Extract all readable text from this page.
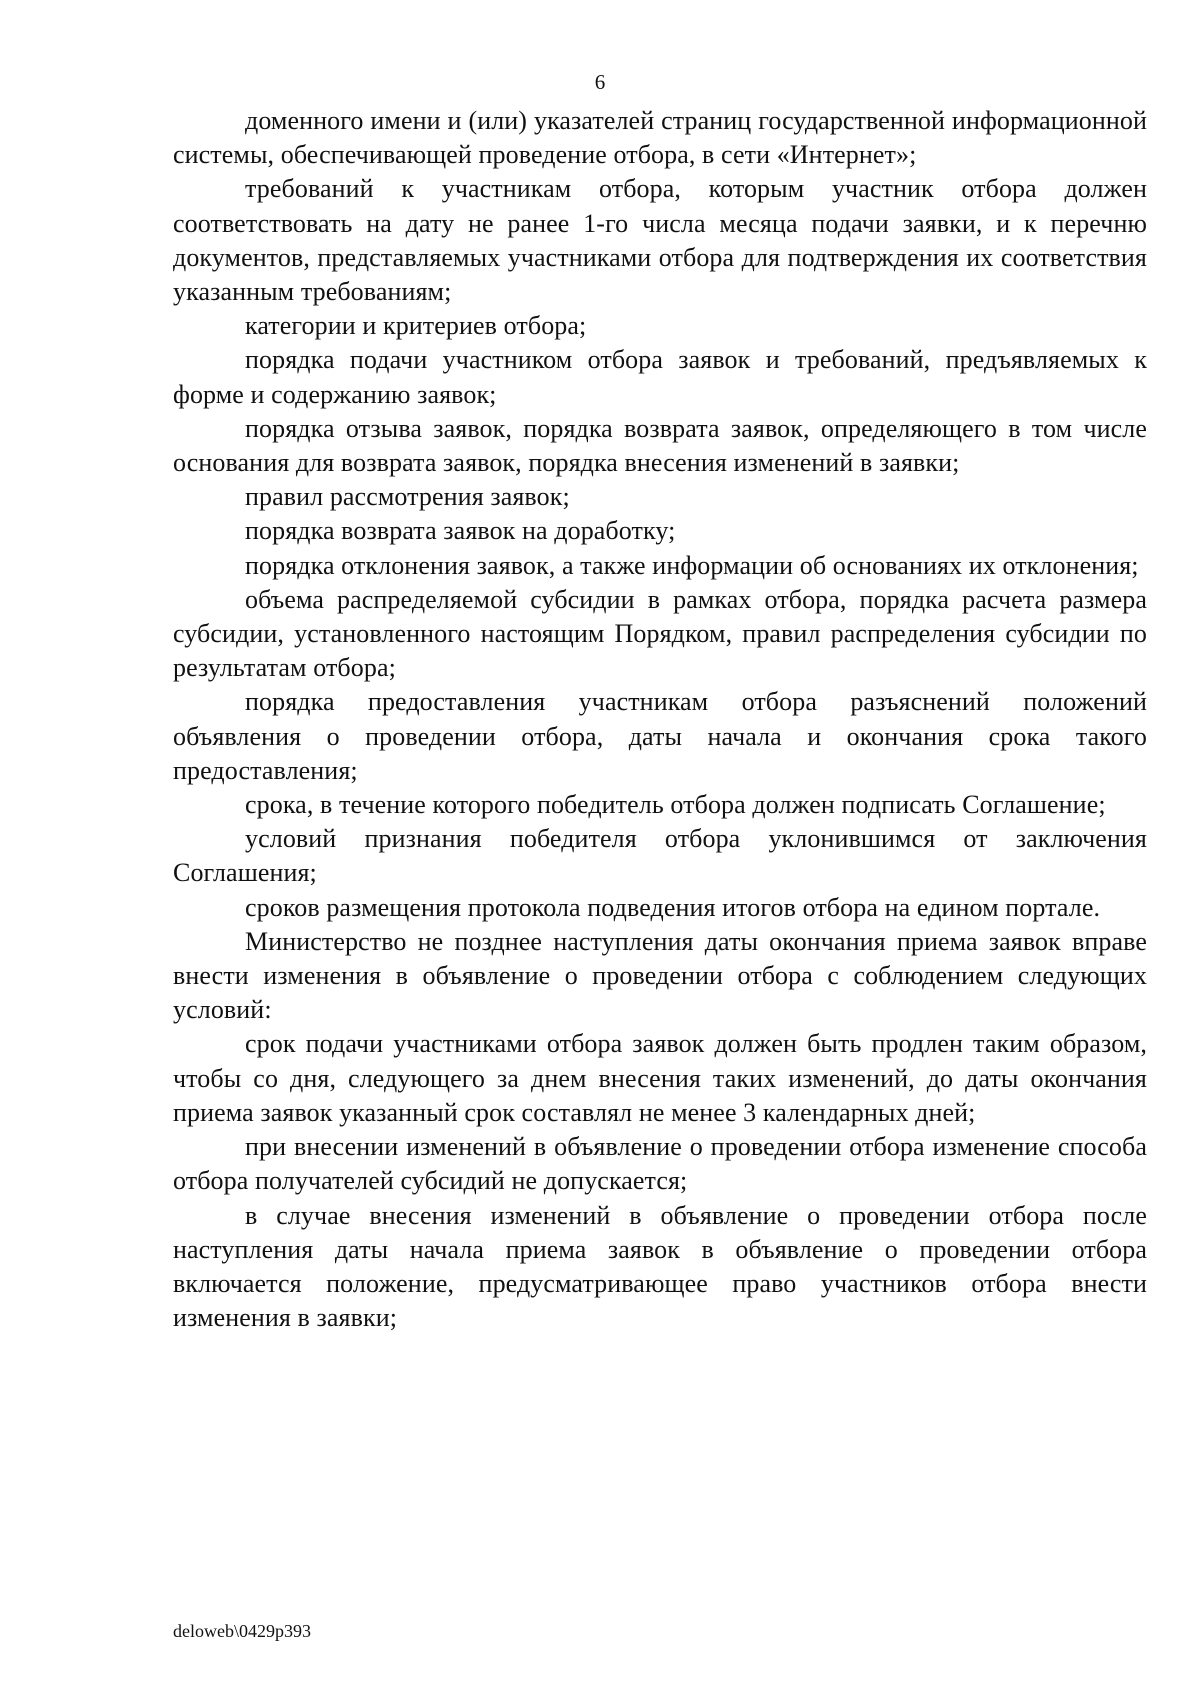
6

доменного имени и (или) указателей страниц государственной информационной системы, обеспечивающей проведение отбора, в сети «Интернет»;

требований к участникам отбора, которым участник отбора должен соответствовать на дату не ранее 1-го числа месяца подачи заявки, и к перечню документов, представляемых участниками отбора для подтверждения их соответствия указанным требованиям;

категории и критериев отбора;

порядка подачи участником отбора заявок и требований, предъявляемых к форме и содержанию заявок;

порядка отзыва заявок, порядка возврата заявок, определяющего в том числе основания для возврата заявок, порядка внесения изменений в заявки;

правил рассмотрения заявок;

порядка возврата заявок на доработку;

порядка отклонения заявок, а также информации об основаниях их отклонения;

объема распределяемой субсидии в рамках отбора, порядка расчета размера субсидии, установленного настоящим Порядком, правил распределения субсидии по результатам отбора;

порядка предоставления участникам отбора разъяснений положений объявления о проведении отбора, даты начала и окончания срока такого предоставления;

срока, в течение которого победитель отбора должен подписать Соглашение;

условий признания победителя отбора уклонившимся от заключения Соглашения;

сроков размещения протокола подведения итогов отбора на едином портале.

Министерство не позднее наступления даты окончания приема заявок вправе внести изменения в объявление о проведении отбора с соблюдением следующих условий:

срок подачи участниками отбора заявок должен быть продлен таким образом, чтобы со дня, следующего за днем внесения таких изменений, до даты окончания приема заявок указанный срок составлял не менее 3 календарных дней;

при внесении изменений в объявление о проведении отбора изменение способа отбора получателей субсидий не допускается;

в случае внесения изменений в объявление о проведении отбора после наступления даты начала приема заявок в объявление о проведении отбора включается положение, предусматривающее право участников отбора внести изменения в заявки;

deloweb\0429p393
